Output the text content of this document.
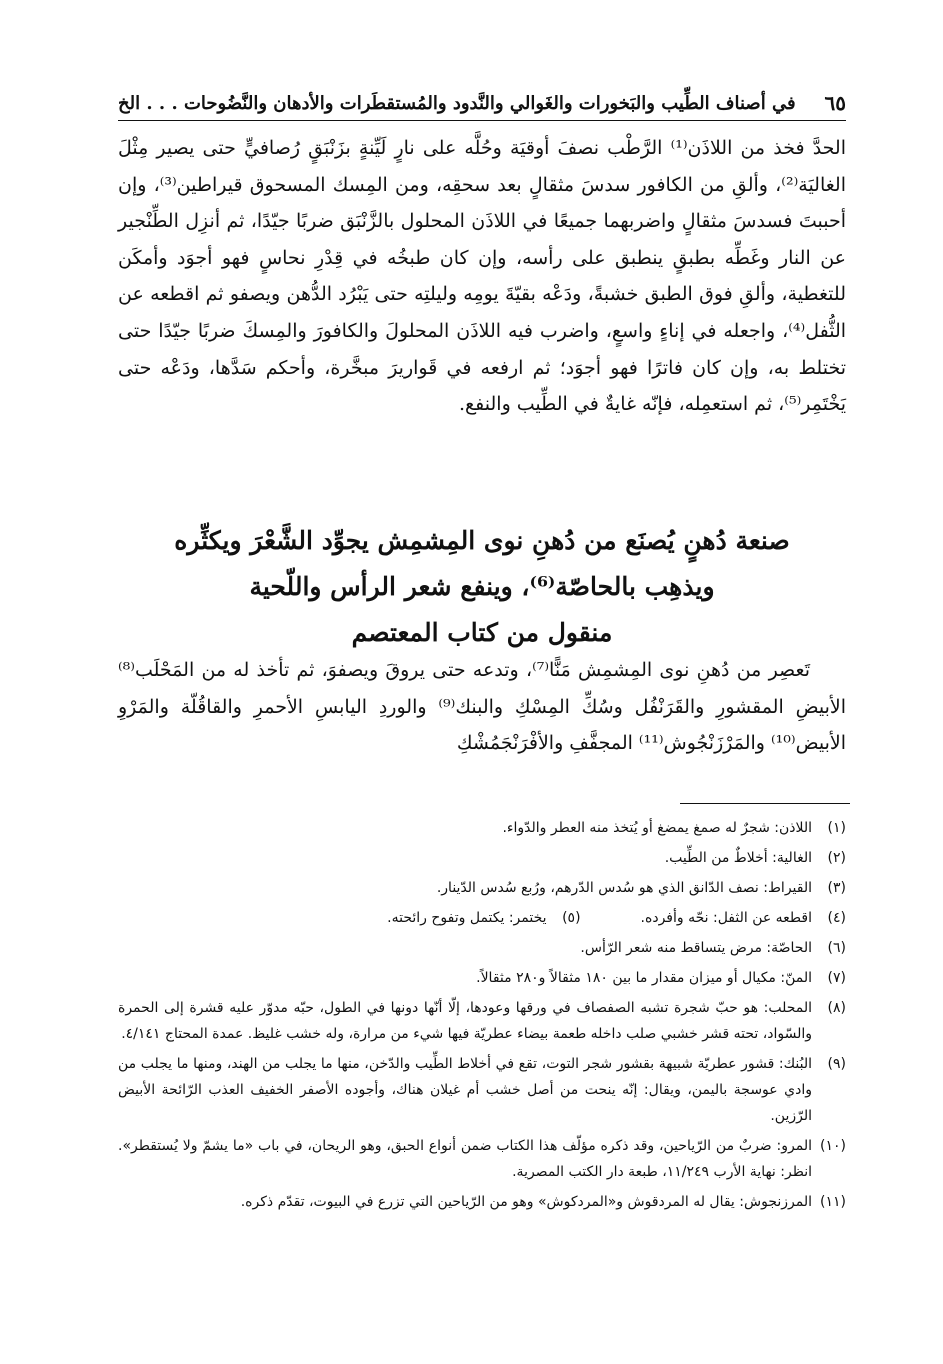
في أصناف الطِّيب والبَخورات والغَوالي والنَّدود والمُستقطَرات والأدهان والنَّضُوحات . . . الخ ٦٥

الحدَّ فخذ من اللاذَن⁽¹⁾ الرَّطْب نصفَ أوقيَة وحُلَّه على نارٍ لَيِّنةٍ بزَنْبَقٍ رُصافيٍّ حتى يصير مِثْلَ الغاليَة⁽²⁾، وألقِ من الكافور سدسَ مثقالٍ بعد سحقِه، ومن المِسك المسحوق قيراطين⁽³⁾، وإن أحببتَ فسدسَ مثقالٍ واضربهما جميعًا في اللاذَن المحلول بالزَّنْبَق ضربًا جيّدًا، ثم أنزِل الطِّنْجير عن النار وغَطِّه بطبقٍ ينطبق على رأسه، وإن كان طبخُه في قِدْرِ نحاسٍ فهو أجوَد وأمكَن للتغطية، وألقِ فوق الطبق خشبةً، ودَعْه بقيّةَ يومِه وليلتِه حتى يَبْرُد الدُّهن ويصفو ثم اقطعه عن الثُّفل⁽⁴⁾، واجعله في إناءٍ واسعٍ، واضرب فيه اللاذَن المحلولَ والكافورَ والمِسكَ ضربًا جيّدًا حتى تختلط به، وإن كان فاترًا فهو أجوَد؛ ثم ارفعه في قَواريرَ مبخَّرة، وأحكم سَدَّها، ودَعْه حتى يَخْتَمِر⁽⁵⁾، ثم استعمِله، فإنّه غايةٌ في الطِّيب والنفع.

صنعة دُهنٍ يُصنَع من دُهنِ نوى المِشمِش يجوِّد الشَّعْرَ ويكثِّره
ويذهِب بالحاصّة⁽⁶⁾، وينفع شعر الرأس واللّحية
منقول من كتاب المعتصم

تَعصِر من دُهنِ نوى المِشمِش مَنًّا⁽⁷⁾، وتدعه حتى يروقَ ويصفوَ، ثم تأخذ له من المَحْلَب⁽⁸⁾ الأبيضِ المقشورِ والقَرَنْفُل وسُكِّ المِسْكِ والبنك⁽⁹⁾ والوردِ اليابسِ الأحمرِ والقاقُلّة والمَرْوِ الأبيض⁽¹⁰⁾ والمَرْزَنْجُوش⁽¹¹⁾ المجفَّفِ والأفْرَنْجَمُشْكِ

(١)
اللاذن: شجرٌ له صمغ يمضغ أو يُتخذ منه العطر والدّواء.
(٢)
الغالية: أخلاطٌ من الطِّيب.
(٣)
القيراط: نصف الدّانق الذي هو سُدس الدّرهم، ورُبع سُدس الدّينار.
(٤)
اقطعه عن الثفل: نحّه وأفرده.
(٥)
يختمر: يكتمل وتفوح رائحته.
(٦)
الحاصّة: مرض يتساقط منه شعر الرّأس.
(٧)
المنّ: مكيال أو ميزان مقدار ما بين ١٨٠ مثقالاً و٢٨٠ مثقالاً.
(٨)
المحلب: هو حبّ شجرة تشبه الصفصاف في ورقها وعودها، إلّا أنّها دونها في الطول، حبّه مدوّر عليه قشرة إلى الحمرة والسّواد، تحته قشر خشبي صلب داخله طعمة بيضاء عطريّة فيها شيء من مرارة، وله خشب غليظ. عمدة المحتاج ٤/١٤١.
(٩)
البُنك: قشور عطريّة شبيهة بقشور شجر التوت، تقع في أخلاط الطِّيب والدّخن، منها ما يجلب من الهند، ومنها ما يجلب من وادي عوسجة باليمن، ويقال: إنّه ينحت من أصل خشب أم غيلان هناك، وأجوده الأصفر الخفيف العذب الرّائحة الأبيض الرّزين.
(١٠)
المرو: ضربٌ من الرّياحين، وقد ذكره مؤلّف هذا الكتاب ضمن أنواع الحبق، وهو الريحان، في باب «ما يشمّ ولا يُستقطر». انظر: نهاية الأرب ١١/٢٤٩، طبعة دار الكتب المصرية.
(١١)
المرزنجوش: يقال له المردقوش و«المردكوش» وهو من الرّياحين التي تزرع في البيوت، تقدّم ذكره.
